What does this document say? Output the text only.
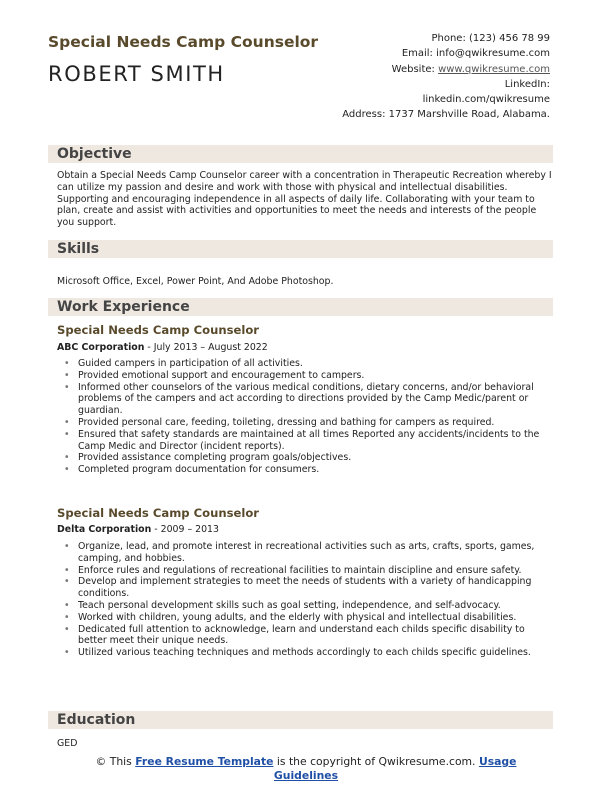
Special Needs Camp Counselor
ROBERT SMITH
Phone: (123) 456 78 99
Email: info@qwikresume.com
Website: www.qwikresume.com
LinkedIn:
linkedin.com/qwikresume
Address: 1737 Marshville Road, Alabama.
Objective
Obtain a Special Needs Camp Counselor career with a concentration in Therapeutic Recreation whereby I can utilize my passion and desire and work with those with physical and intellectual disabilities. Supporting and encouraging independence in all aspects of daily life. Collaborating with your team to plan, create and assist with activities and opportunities to meet the needs and interests of the people you support.
Skills
Microsoft Office, Excel, Power Point, And Adobe Photoshop.
Work Experience
Special Needs Camp Counselor
ABC Corporation - July 2013 – August 2022
• Guided campers in participation of all activities.
• Provided emotional support and encouragement to campers.
• Informed other counselors of the various medical conditions, dietary concerns, and/or behavioral problems of the campers and act according to directions provided by the Camp Medic/parent or guardian.
• Provided personal care, feeding, toileting, dressing and bathing for campers as required.
• Ensured that safety standards are maintained at all times Reported any accidents/incidents to the Camp Medic and Director (incident reports).
• Provided assistance completing program goals/objectives.
• Completed program documentation for consumers.
Special Needs Camp Counselor
Delta Corporation - 2009 – 2013
• Organize, lead, and promote interest in recreational activities such as arts, crafts, sports, games, camping, and hobbies.
• Enforce rules and regulations of recreational facilities to maintain discipline and ensure safety.
• Develop and implement strategies to meet the needs of students with a variety of handicapping conditions.
• Teach personal development skills such as goal setting, independence, and self-advocacy.
• Worked with children, young adults, and the elderly with physical and intellectual disabilities.
• Dedicated full attention to acknowledge, learn and understand each childs specific disability to better meet their unique needs.
• Utilized various teaching techniques and methods accordingly to each childs specific guidelines.
Education
GED
© This Free Resume Template is the copyright of Qwikresume.com. Usage Guidelines
